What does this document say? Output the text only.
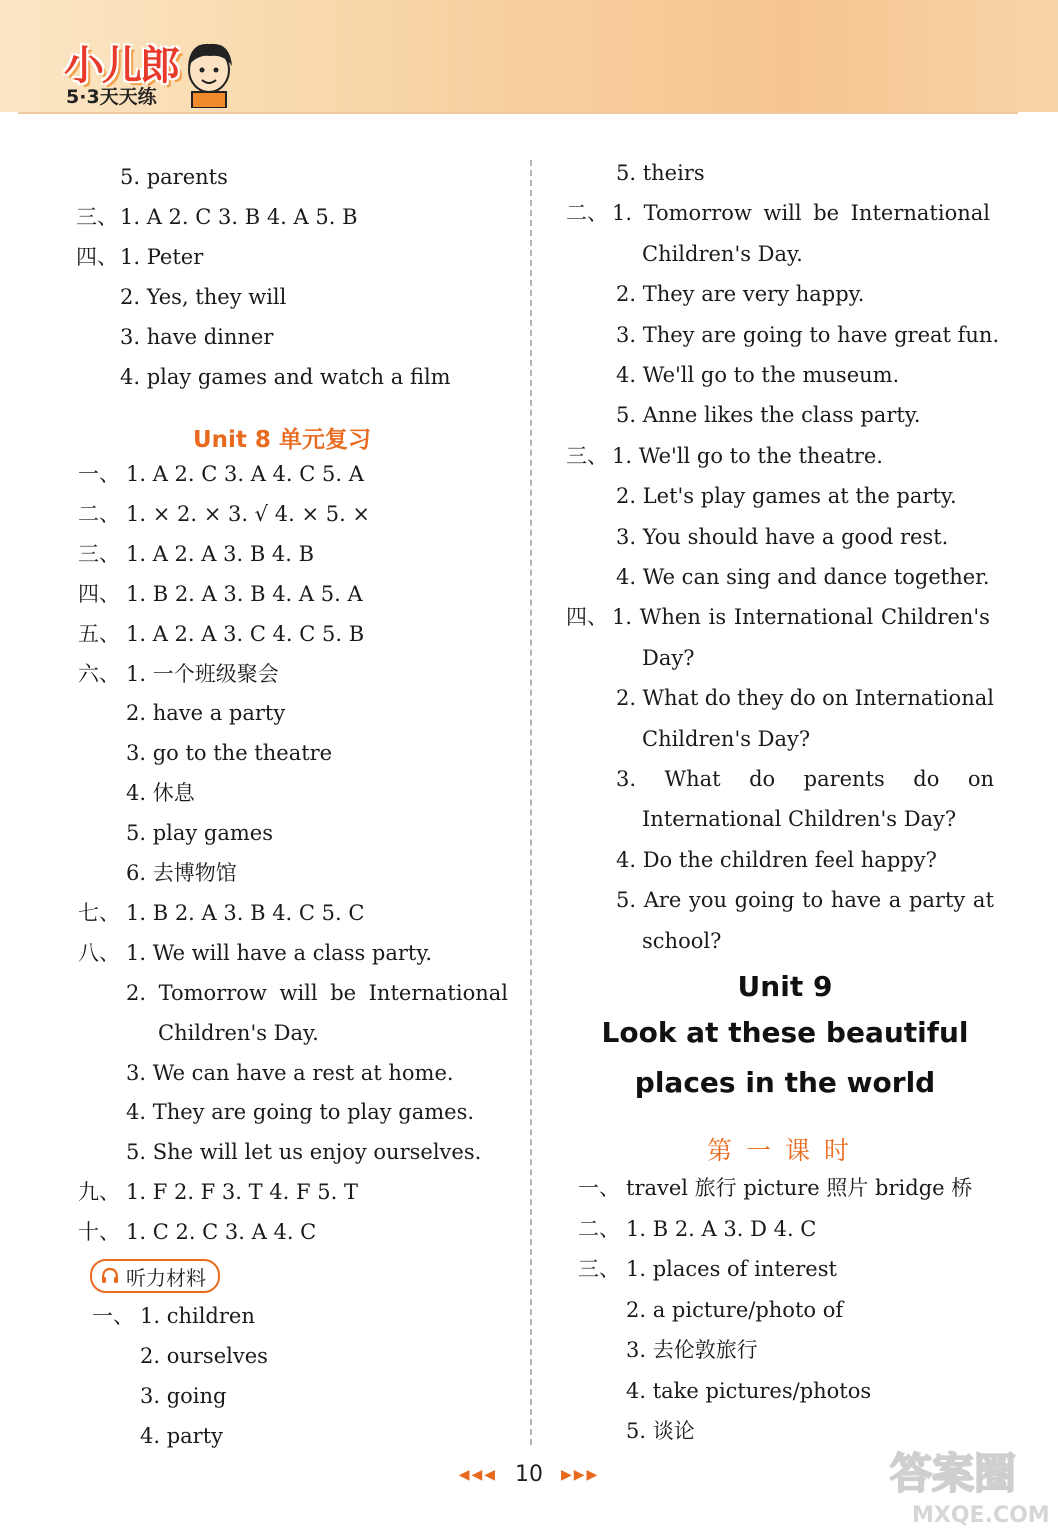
小儿郎
5·3天天练
5. parents
三、 1. A 2. C 3. B 4. A 5. B
四、 1. Peter
2. Yes, they will
3. have dinner
4. play games and watch a film
Unit 8 单元复习
一、 1. A 2. C 3. A 4. C 5. A
二、 1. × 2. × 3. √ 4. × 5. ×
三、 1. A 2. A 3. B 4. B
四、 1. B 2. A 3. B 4. A 5. A
五、 1. A 2. A 3. C 4. C 5. B
六、 1. 一个班级聚会
2. have a party
3. go to the theatre
4. 休息
5. play games
6. 去博物馆
七、 1. B 2. A 3. B 4. C 5. C
八、 1. We will have a class party.
2. Tomorrow will be International
Children's Day.
3. We can have a rest at home.
4. They are going to play games.
5. She will let us enjoy ourselves.
九、 1. F 2. F 3. T 4. F 5. T
十、 1. C 2. C 3. A 4. C
听力材料
一、 1. children
2. ourselves
3. going
4. party
5. theirs
二、 1. Tomorrow will be International
Children's Day.
2. They are very happy.
3. They are going to have great fun.
4. We'll go to the museum.
5. Anne likes the class party.
三、 1. We'll go to the theatre.
2. Let's play games at the party.
3. You should have a good rest.
4. We can sing and dance together.
四、 1. When is International Children's
Day?
2. What do they do on International
Children's Day?
3. What do parents do on
International Children's Day?
4. Do the children feel happy?
5. Are you going to have a party at
school?
Unit 9
Look at these beautiful
places in the world
第一课时
一、 travel 旅行 picture 照片 bridge 桥
二、 1. B 2. A 3. D 4. C
三、 1. places of interest
2. a picture/photo of
3. 去伦敦旅行
4. take pictures/photos
5. 谈论
◀◀◀ 10 ▶▶▶	答案圈
MXQE.COM
